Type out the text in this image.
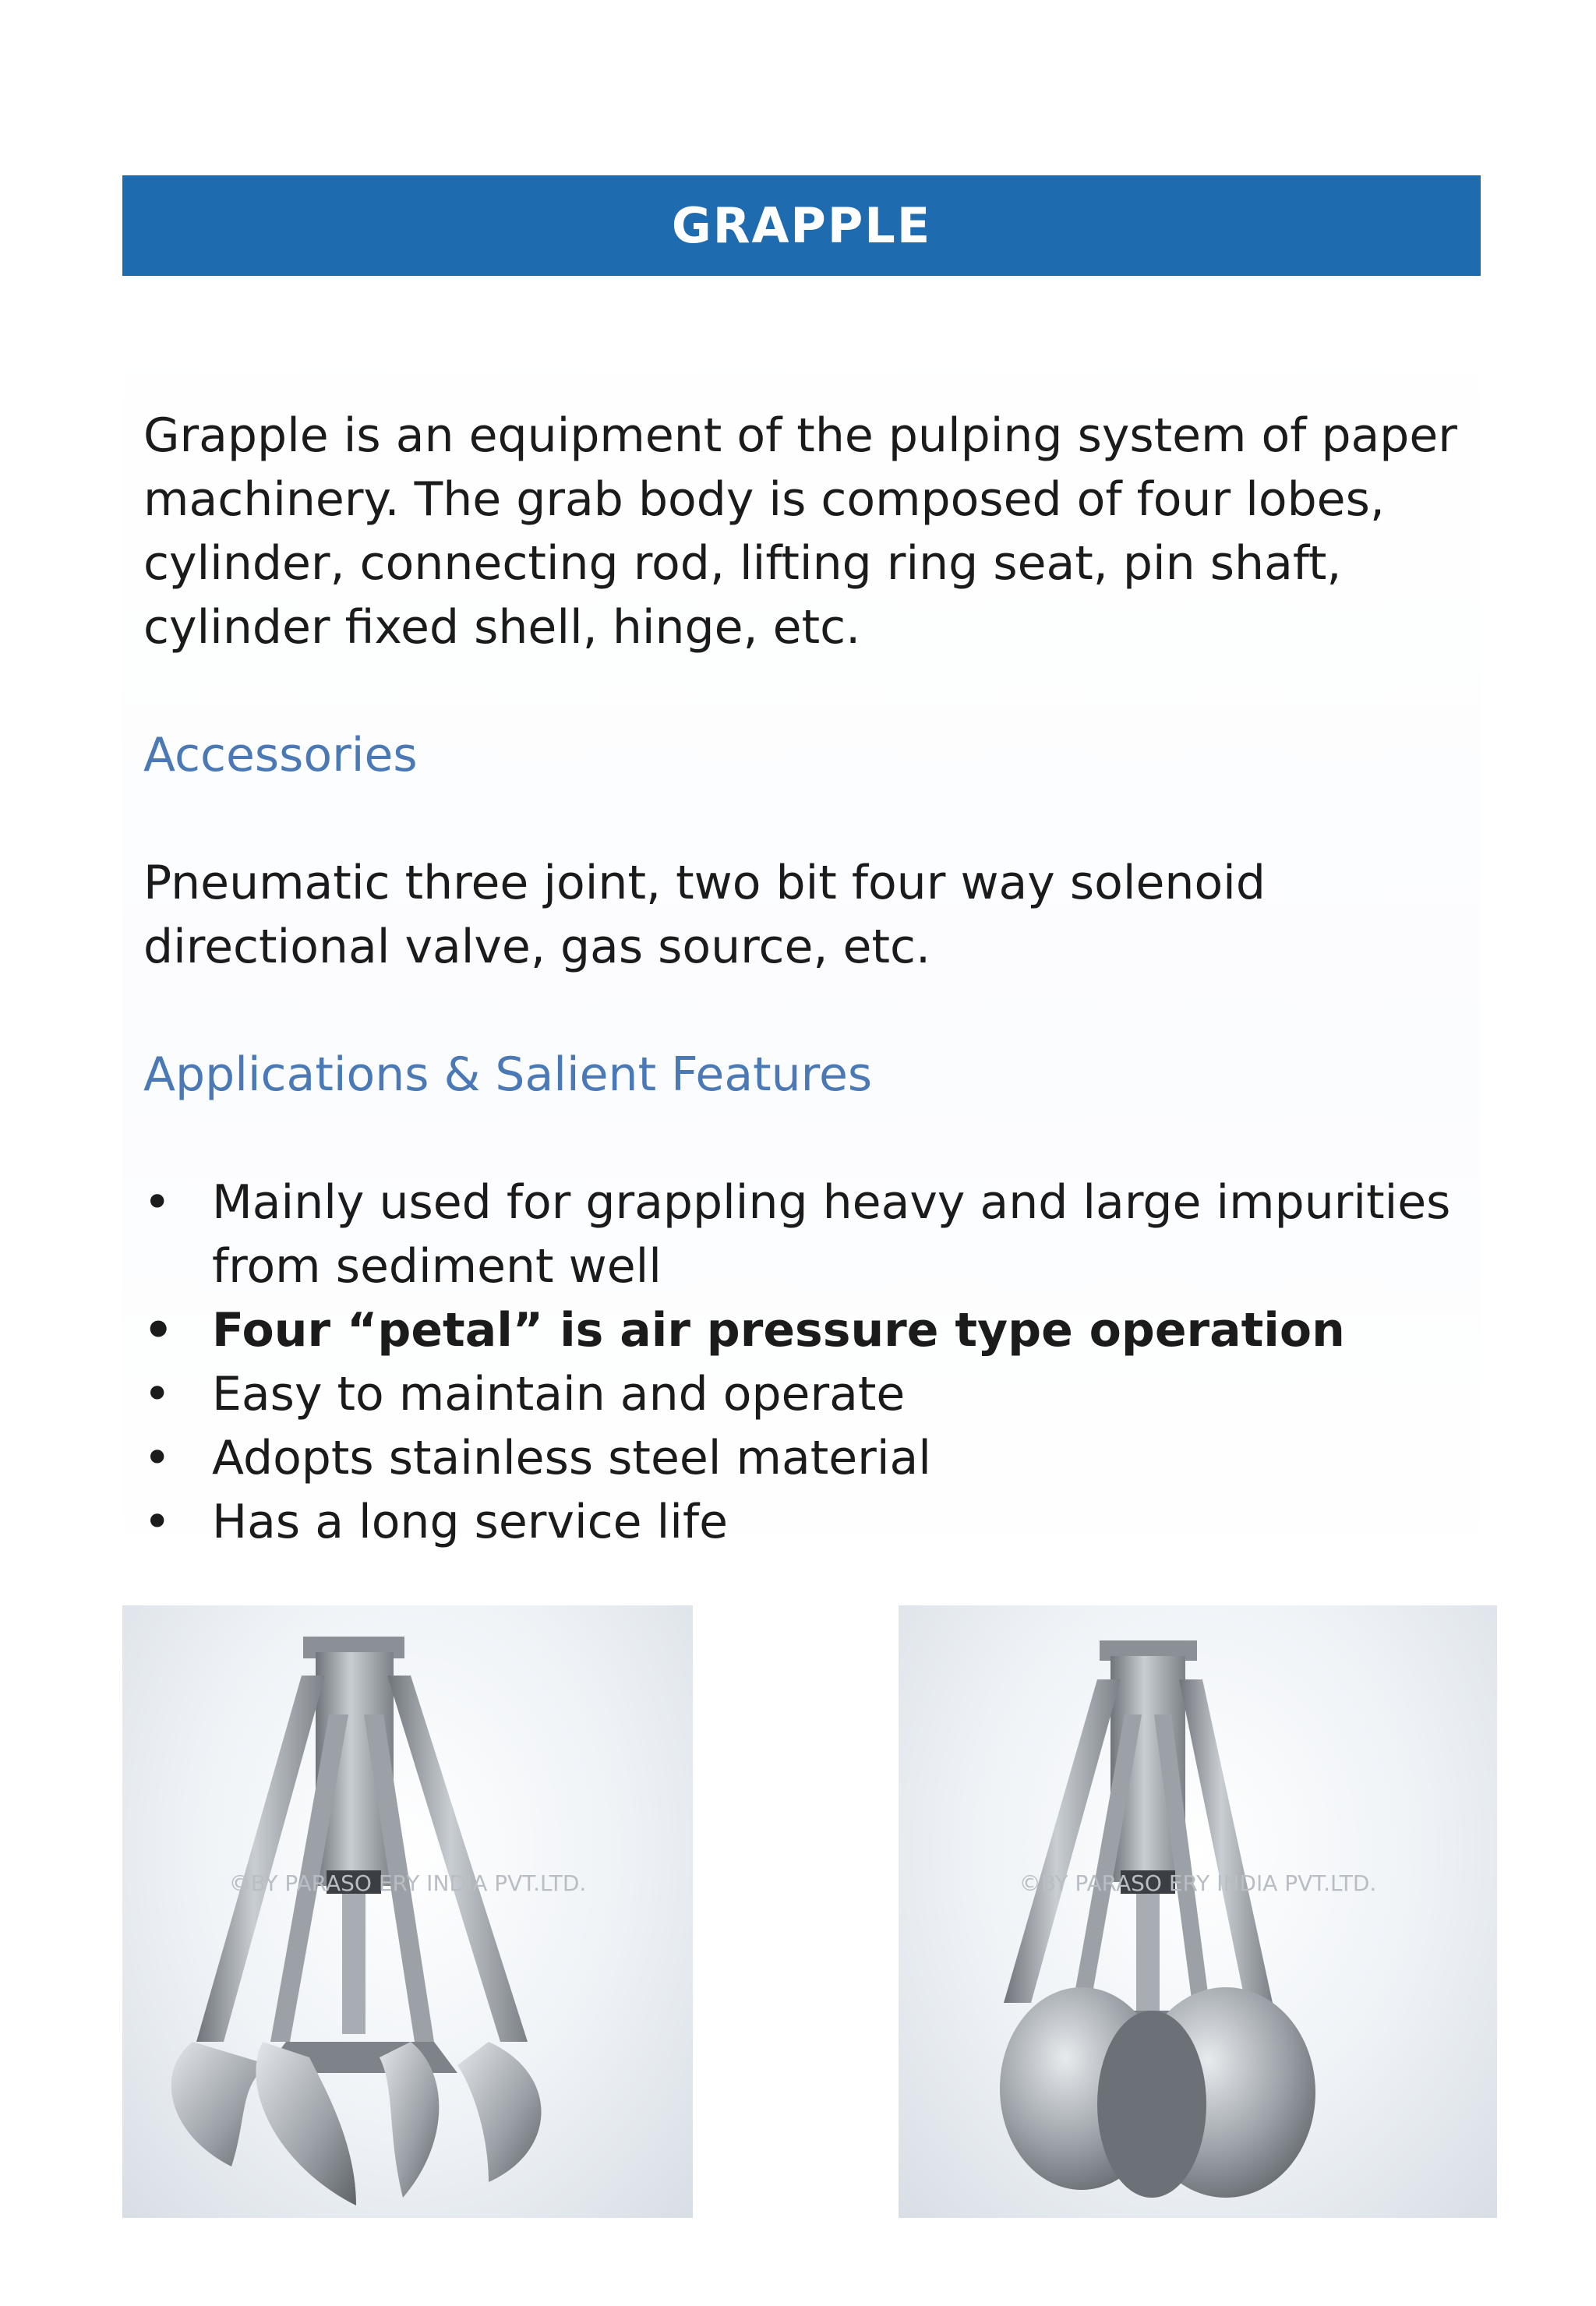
GRAPPLE

Grapple is an equipment of the pulping system of paper
machinery. The grab body is composed of four lobes,
cylinder, connecting rod, lifting ring seat, pin shaft,
cylinder fixed shell, hinge, etc.

Accessories

Pneumatic three joint, two bit four way solenoid
directional valve, gas source, etc.

Applications & Salient Features
• Mainly used for grappling heavy and large impurities
from sediment well
• Four “petal” is air pressure type operation
• Easy to maintain and operate
• Adopts stainless steel material
• Has a long service life
©BY PARASO ERY INDIA PVT.LTD.	©BY PARASO ERY INDIA PVT.LTD.
